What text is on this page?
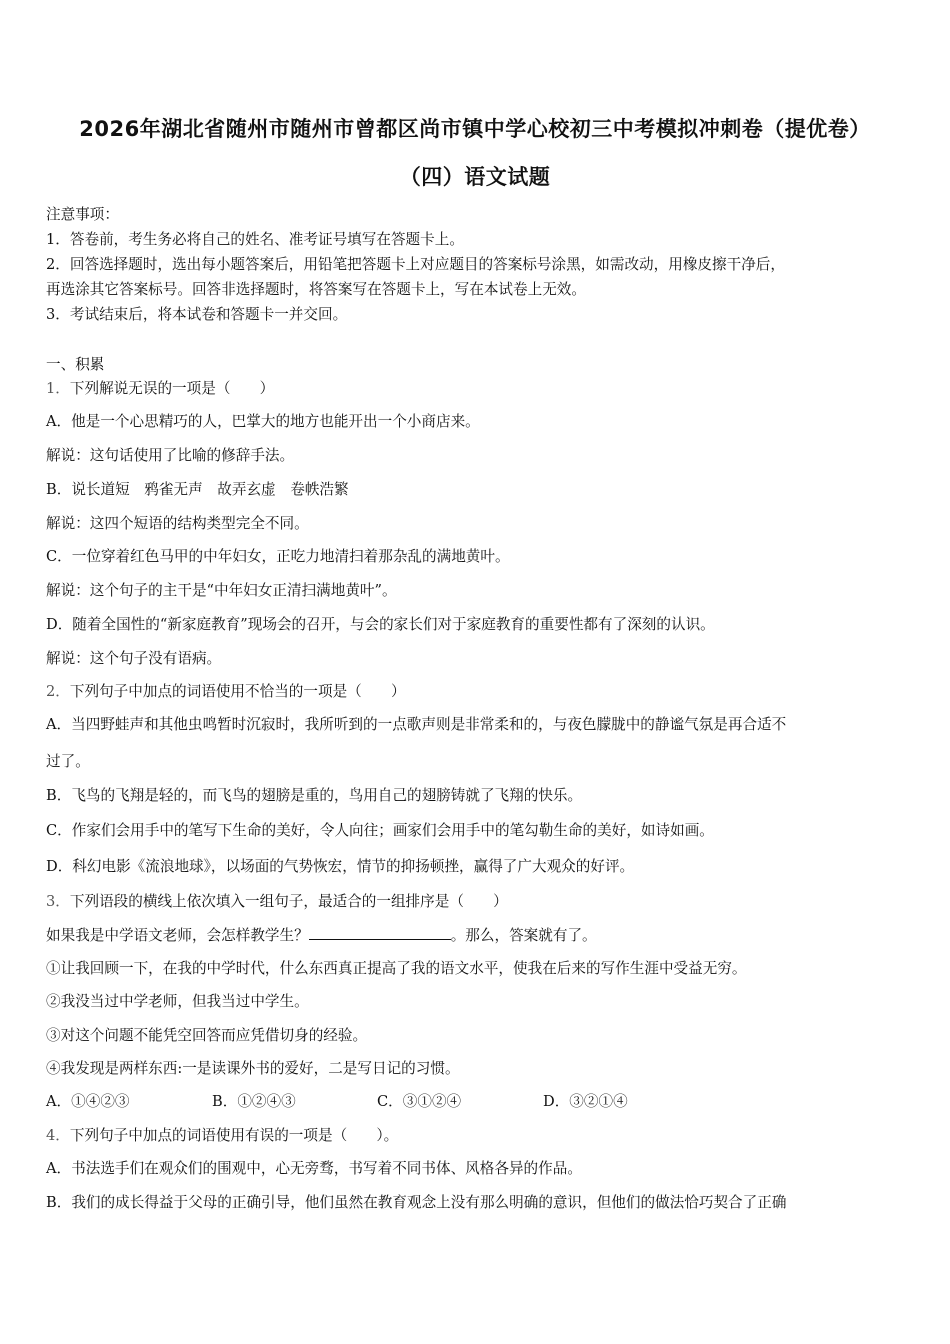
2026年湖北省随州市随州市曾都区尚市镇中学心校初三中考模拟冲刺卷（提优卷）
（四）语文试题
注意事项：
1．答卷前，考生务必将自己的姓名、准考证号填写在答题卡上。
2．回答选择题时，选出每小题答案后，用铅笔把答题卡上对应题目的答案标号涂黑，如需改动，用橡皮擦干净后，
再选涂其它答案标号。回答非选择题时，将答案写在答题卡上，写在本试卷上无效。
3．考试结束后，将本试卷和答题卡一并交回。
一、积累
1．下列解说无误的一项是（　　）
A．他是一个心思精巧的人，巴掌大的地方也能开出一个小商店来。
解说：这句话使用了比喻的修辞手法。
B．说长道短　鸦雀无声　故弄玄虚　卷帙浩繁
解说：这四个短语的结构类型完全不同。
C．一位穿着红色马甲的中年妇女，正吃力地清扫着那杂乱的满地黄叶。
解说：这个句子的主干是“中年妇女正清扫满地黄叶”。
D．随着全国性的“新家庭教育”现场会的召开，与会的家长们对于家庭教育的重要性都有了深刻的认识。
解说：这个句子没有语病。
2．下列句子中加点的词语使用不恰当的一项是（　　）
A．当四野蛙声和其他虫鸣暂时沉寂时，我所听到的一点歌声则是非常柔和的，与夜色朦胧中的静谧气氛是再合适不
过了。
B．飞鸟的飞翔是轻的，而飞鸟的翅膀是重的，鸟用自己的翅膀铸就了飞翔的快乐。
C．作家们会用手中的笔写下生命的美好，令人向往；画家们会用手中的笔勾勒生命的美好，如诗如画。
D．科幻电影《流浪地球》，以场面的气势恢宏，情节的抑扬顿挫，赢得了广大观众的好评。
3．下列语段的横线上依次填入一组句子，最适合的一组排序是（　　）
如果我是中学语文老师，会怎样教学生？	。那么，答案就有了。
①让我回顾一下，在我的中学时代，什么东西真正提高了我的语文水平，使我在后来的写作生涯中受益无穷。
②我没当过中学老师，但我当过中学生。
③对这个问题不能凭空回答而应凭借切身的经验。
④我发现是两样东西:一是读课外书的爱好，二是写日记的习惯。
A．①④②③	B．①②④③	C．③①②④	D．③②①④
4．下列句子中加点的词语使用有误的一项是（　　）。
A．书法选手们在观众们的围观中，心无旁骛，书写着不同书体、风格各异的作品。
B．我们的成长得益于父母的正确引导，他们虽然在教育观念上没有那么明确的意识，但他们的做法恰巧契合了正确
